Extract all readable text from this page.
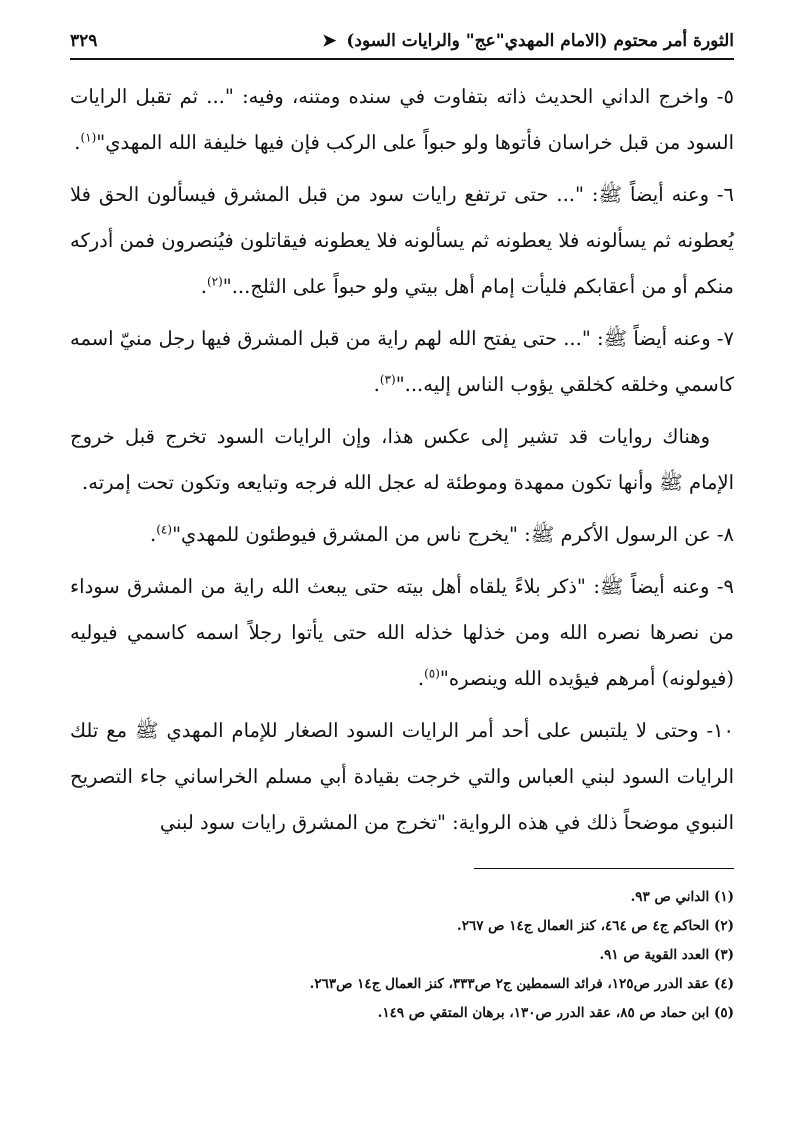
الثورة أمر محتوم (الامام المهدي"عج" والرايات السود)
➤
٣٢٩

٥- واخرج الداني الحديث ذاته بتفاوت في سنده ومتنه، وفيه: "... ثم تقبل الرايات السود من قبل خراسان فأتوها ولو حبواً على الركب فإن فيها خليفة الله المهدي"$^{(١)}$.

٦- وعنه أيضاً ﷺ: "... حتى ترتفع رايات سود من قبل المشرق فيسألون الحق فلا يُعطونه ثم يسألونه فلا يعطونه ثم يسألونه فلا يعطونه فيقاتلون فيُنصرون فمن أدركه منكم أو من أعقابكم فليأت إمام أهل بيتي ولو حبواً على الثلج..."$^{(٢)}$.

٧- وعنه أيضاً ﷺ: "... حتى يفتح الله لهم راية من قبل المشرق فيها رجل منيّ اسمه كاسمي وخلقه كخلقي يؤوب الناس إليه..."$^{(٣)}$.

وهناك روايات قد تشير إلى عكس هذا، وإن الرايات السود تخرج قبل خروج الإمام ﷺ وأنها تكون ممهدة وموطئة له عجل الله فرجه وتبايعه وتكون تحت إمرته.

٨- عن الرسول الأكرم ﷺ: "يخرج ناس من المشرق فيوطئون للمهدي"$^{(٤)}$.

٩- وعنه أيضاً ﷺ: "ذكر بلاءً يلقاه أهل بيته حتى يبعث الله راية من المشرق سوداء من نصرها نصره الله ومن خذلها خذله الله حتى يأتوا رجلاً اسمه كاسمي فيوليه (فيولونه) أمرهم فيؤيده الله وينصره"$^{(٥)}$.

١٠- وحتى لا يلتبس على أحد أمر الرايات السود الصغار للإمام المهدي ﷺ مع تلك الرايات السود لبني العباس والتي خرجت بقيادة أبي مسلم الخراساني جاء التصريح النبوي موضحاً ذلك في هذه الرواية: "تخرج من المشرق رايات سود لبني

(١) الداني ص ٩٣.

(٢) الحاكم ج٤ ص ٤٦٤، كنز العمال ج١٤ ص ٢٦٧.

(٣) العدد القوية ص ٩١.

(٤) عقد الدرر ص١٢٥، فرائد السمطين ج٢ ص٣٣٣، كنز العمال ج١٤ ص٢٦٣.

(٥) ابن حماد ص ٨٥، عقد الدرر ص١٣٠، برهان المتقي ص ١٤٩.
